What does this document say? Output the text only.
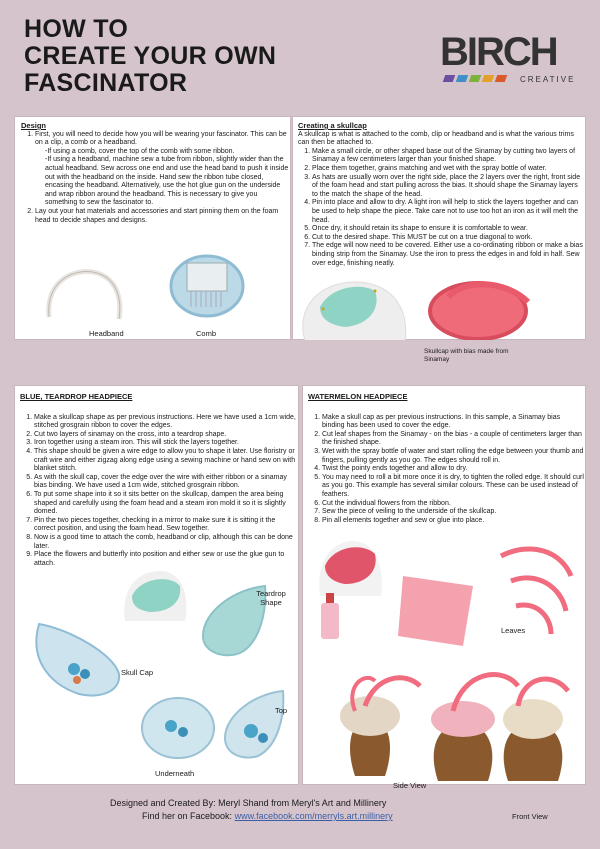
HOW TO
CREATE YOUR OWN
FASCINATOR
BIRCH
CREATIVE
Design
1. First, you will need to decide how you will be wearing your fascinator. This can be on a clip, a comb or a headband.
-If using a comb, cover the top of the comb with some ribbon.
-If using a headband, machine sew a tube from ribbon, slightly wider than the actual headband. Sew across one end and use the head band to push it inside out with the headband on the inside. Hand sew the ribbon tube closed, encasing the headband. Alternatively, use the hot glue gun on the underside and wrap ribbon around the headband. This is necessary to give you something to sew the fascinator to.
2. Lay out your hat materials and accessories and start pinning them on the foam head to decide shapes and designs.
Headband	Comb
Creating a skullcap
A skullcap is what is attached to the comb, clip or headband and is what the various trims can then be attached to.
1. Make a small circle, or other shaped base out of the Sinamay by cutting two layers of Sinamay a few centimeters larger than your finished shape.
2. Place them together, grains matching and wet with the spray bottle of water.
3. As hats are usually worn over the right side, place the 2 layers over the right, front side of the foam head and start pulling across the bias. It should shape the Sinamay layers to the match the shape of the head.
4. Pin into place and allow to dry. A light iron will help to stick the layers together and can be used to help shape the piece. Take care not to use too hot an iron as it will melt the head.
5. Once dry, it should retain its shape to ensure it is comfortable to wear.
6. Cut to the desired shape. This MUST be cut on a true diagonal to work.
7. The edge will now need to be covered. Either use a co-ordinating ribbon or make a bias binding strip from the Sinamay. Use the iron to press the edges in and fold in half. Sew over edge, finishing neatly.
Skullcap with bias made from Sinamay
BLUE, TEARDROP HEADPIECE
1. Make a skullcap shape as per previous instructions. Here we have used a 1cm wide, stitched grosgrain ribbon to cover the edges.
2. Cut two layers of sinamay on the cross, into a teardrop shape.
3. Iron together using a steam iron. This will stick the layers together.
4. This shape should be given a wire edge to allow you to shape it later. Use floristry or craft wire and either zigzag along edge using a sewing machine or hand sew on with blanket stitch.
5. As with the skull cap, cover the edge over the wire with either ribbon or a sinamay bias binding. We have used a 1cm wide, stitched grosgrain ribbon.
6. To put some shape into it so it sits better on the skullcap, dampen the area being shaped and carefully using the foam head and a steam iron mold it so it is slightly domed.
7. Pin the two pieces together, checking in a mirror to make sure it is sitting it the correct position, and using the foam head. Sew together.
8. Now is a good time to attach the comb, headband or clip, although this can be done later.
9. Place the flowers and butterfly into position and either sew or use the glue gun to attach.
Teardrop Shape
Skull Cap
Top
Underneath
WATERMELON HEADPIECE
1. Make a skull cap as per previous instructions. In this sample, a Sinamay bias binding has been used to cover the edge.
2. Cut leaf shapes from the Sinamay - on the bias - a couple of centimeters larger than the finished shape.
3. Wet with the spray bottle of water and start rolling the edge between your thumb and fingers, pulling gently as you go. The edges should roll in.
4. Twist the pointy ends together and allow to dry.
5. You may need to roll a bit more once it is dry, to tighten the rolled edge. It should curl as you go. This example has several similar colours. These can be used instead of feathers.
6. Cut the individual flowers from the ribbon.
7. Sew the piece of veiling to the underside of the skullcap.
8. Pin all elements together and sew or glue into place.
Leaves
Side View
Designed and Created By: Meryl Shand from Meryl's Art and Millinery
Find her on Facebook: www.facebook.com/merryls.art.millinery	Front View
